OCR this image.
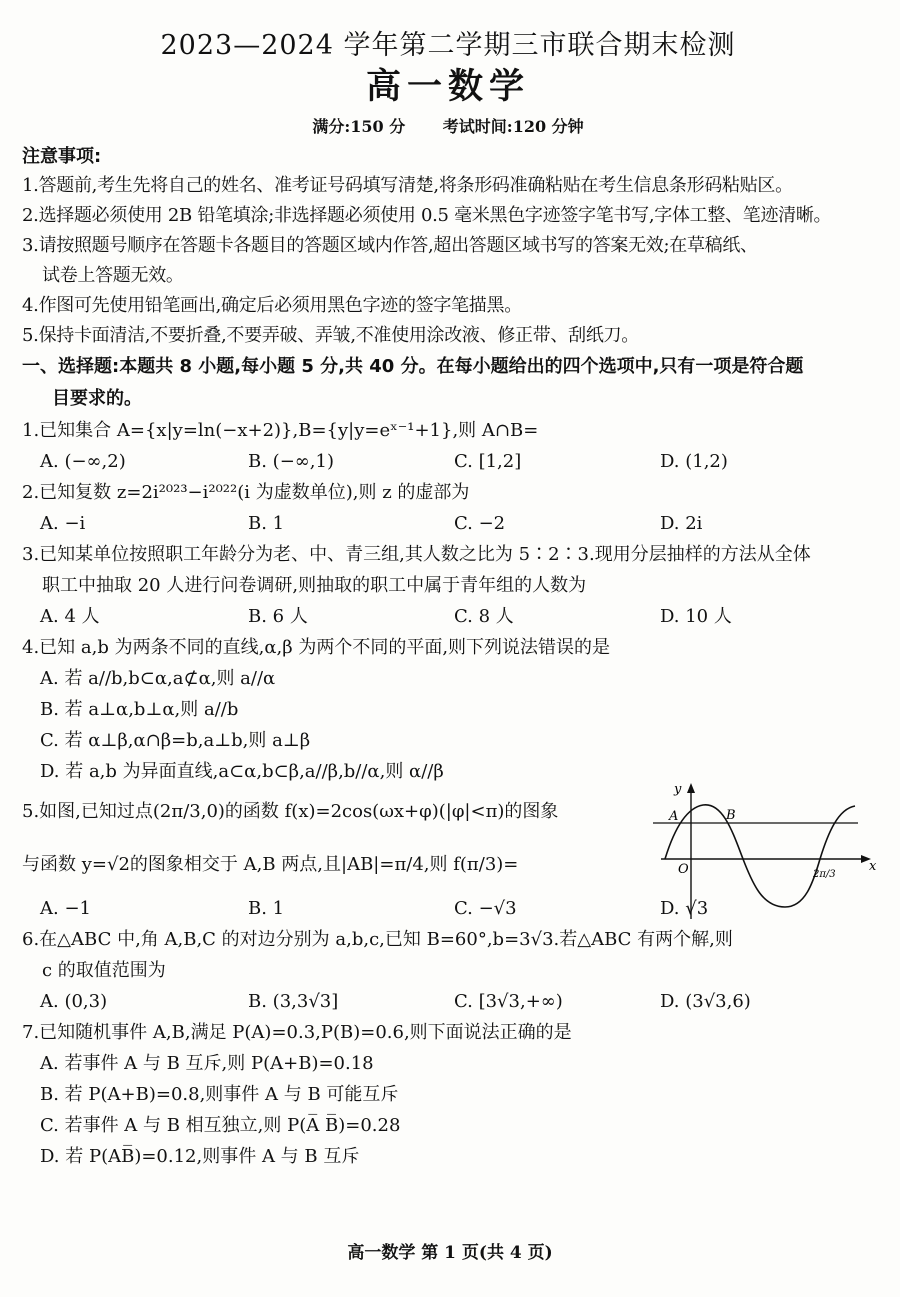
2023—2024 学年第二学期三市联合期末检测
高一数学
满分:150 分 考试时间:120 分钟
注意事项:
1.答题前,考生先将自己的姓名、准考证号码填写清楚,将条形码准确粘贴在考生信息条形码粘贴区。
2.选择题必须使用 2B 铅笔填涂;非选择题必须使用 0.5 毫米黑色字迹签字笔书写,字体工整、笔迹清晰。
3.请按照题号顺序在答题卡各题目的答题区域内作答,超出答题区域书写的答案无效;在草稿纸、
试卷上答题无效。
4.作图可先使用铅笔画出,确定后必须用黑色字迹的签字笔描黑。
5.保持卡面清洁,不要折叠,不要弄破、弄皱,不准使用涂改液、修正带、刮纸刀。
一、选择题:本题共 8 小题,每小题 5 分,共 40 分。在每小题给出的四个选项中,只有一项是符合题
目要求的。
1.已知集合 A={x|y=ln(−x+2)},B={y|y=eˣ⁻¹+1},则 A∩B=
A. (−∞,2)	B. (−∞,1)	C. [1,2]	D. (1,2)
2.已知复数 z=2i²⁰²³−i²⁰²²(i 为虚数单位),则 z 的虚部为
A. −i	B. 1	C. −2	D. 2i
3.已知某单位按照职工年龄分为老、中、青三组,其人数之比为 5∶2∶3.现用分层抽样的方法从全体
职工中抽取 20 人进行问卷调研,则抽取的职工中属于青年组的人数为
A. 4 人	B. 6 人	C. 8 人	D. 10 人
4.已知 a,b 为两条不同的直线,α,β 为两个不同的平面,则下列说法错误的是
A. 若 a//b,b⊂α,a⊄α,则 a//α
B. 若 a⊥α,b⊥α,则 a//b
C. 若 α⊥β,α∩β=b,a⊥b,则 a⊥β
D. 若 a,b 为异面直线,a⊂α,b⊂β,a//β,b//α,则 α//β
5.如图,已知过点(2π/3,0)的函数 f(x)=2cos(ωx+φ)(|φ|<π)的图象
与函数 y=√2的图象相交于 A,B 两点,且|AB|=π/4,则 f(π/3)=
A. −1	B. 1	C. −√3	D. √3
6.在△ABC 中,角 A,B,C 的对边分别为 a,b,c,已知 B=60°,b=3√3.若△ABC 有两个解,则
c 的取值范围为
A. (0,3)	B. (3,3√3]	C. [3√3,+∞)	D. (3√3,6)
7.已知随机事件 A,B,满足 P(A)=0.3,P(B)=0.6,则下面说法正确的是
A. 若事件 A 与 B 互斥,则 P(A+B)=0.18
B. 若 P(A+B)=0.8,则事件 A 与 B 可能互斥
C. 若事件 A 与 B 相互独立,则 P(A̅ B̅)=0.28
D. 若 P(AB̅)=0.12,则事件 A 与 B 互斥
y
x
O
A	B
2π/3
高一数学 第 1 页(共 4 页)
